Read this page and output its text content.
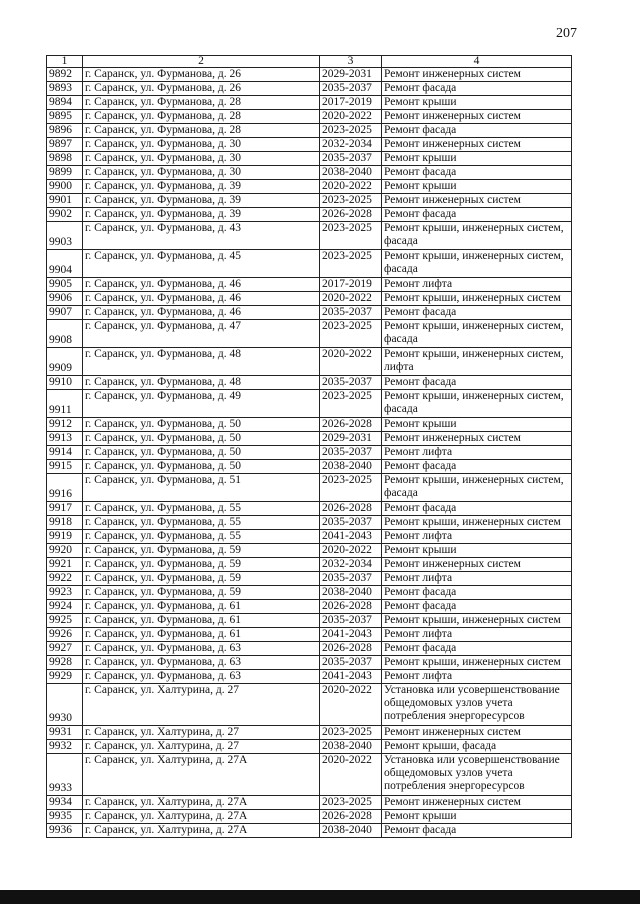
207
1	2	3	4
9892	г. Саранск, ул. Фурманова, д. 26	2029-2031	Ремонт инженерных систем
9893	г. Саранск, ул. Фурманова, д. 26	2035-2037	Ремонт фасада
9894	г. Саранск, ул. Фурманова, д. 28	2017-2019	Ремонт крыши
9895	г. Саранск, ул. Фурманова, д. 28	2020-2022	Ремонт инженерных систем
9896	г. Саранск, ул. Фурманова, д. 28	2023-2025	Ремонт фасада
9897	г. Саранск, ул. Фурманова, д. 30	2032-2034	Ремонт инженерных систем
9898	г. Саранск, ул. Фурманова, д. 30	2035-2037	Ремонт крыши
9899	г. Саранск, ул. Фурманова, д. 30	2038-2040	Ремонт фасада
9900	г. Саранск, ул. Фурманова, д. 39	2020-2022	Ремонт крыши
9901	г. Саранск, ул. Фурманова, д. 39	2023-2025	Ремонт инженерных систем
9902	г. Саранск, ул. Фурманова, д. 39	2026-2028	Ремонт фасада
9903	г. Саранск, ул. Фурманова, д. 43	2023-2025	Ремонт крыши, инженерных систем, фасада
9904	г. Саранск, ул. Фурманова, д. 45	2023-2025	Ремонт крыши, инженерных систем, фасада
9905	г. Саранск, ул. Фурманова, д. 46	2017-2019	Ремонт лифта
9906	г. Саранск, ул. Фурманова, д. 46	2020-2022	Ремонт крыши, инженерных систем
9907	г. Саранск, ул. Фурманова, д. 46	2035-2037	Ремонт фасада
9908	г. Саранск, ул. Фурманова, д. 47	2023-2025	Ремонт крыши, инженерных систем, фасада
9909	г. Саранск, ул. Фурманова, д. 48	2020-2022	Ремонт крыши, инженерных систем, лифта
9910	г. Саранск, ул. Фурманова, д. 48	2035-2037	Ремонт фасада
9911	г. Саранск, ул. Фурманова, д. 49	2023-2025	Ремонт крыши, инженерных систем, фасада
9912	г. Саранск, ул. Фурманова, д. 50	2026-2028	Ремонт крыши
9913	г. Саранск, ул. Фурманова, д. 50	2029-2031	Ремонт инженерных систем
9914	г. Саранск, ул. Фурманова, д. 50	2035-2037	Ремонт лифта
9915	г. Саранск, ул. Фурманова, д. 50	2038-2040	Ремонт фасада
9916	г. Саранск, ул. Фурманова, д. 51	2023-2025	Ремонт крыши, инженерных систем, фасада
9917	г. Саранск, ул. Фурманова, д. 55	2026-2028	Ремонт фасада
9918	г. Саранск, ул. Фурманова, д. 55	2035-2037	Ремонт крыши, инженерных систем
9919	г. Саранск, ул. Фурманова, д. 55	2041-2043	Ремонт лифта
9920	г. Саранск, ул. Фурманова, д. 59	2020-2022	Ремонт крыши
9921	г. Саранск, ул. Фурманова, д. 59	2032-2034	Ремонт инженерных систем
9922	г. Саранск, ул. Фурманова, д. 59	2035-2037	Ремонт лифта
9923	г. Саранск, ул. Фурманова, д. 59	2038-2040	Ремонт фасада
9924	г. Саранск, ул. Фурманова, д. 61	2026-2028	Ремонт фасада
9925	г. Саранск, ул. Фурманова, д. 61	2035-2037	Ремонт крыши, инженерных систем
9926	г. Саранск, ул. Фурманова, д. 61	2041-2043	Ремонт лифта
9927	г. Саранск, ул. Фурманова, д. 63	2026-2028	Ремонт фасада
9928	г. Саранск, ул. Фурманова, д. 63	2035-2037	Ремонт крыши, инженерных систем
9929	г. Саранск, ул. Фурманова, д. 63	2041-2043	Ремонт лифта
9930	г. Саранск, ул. Халтурина, д. 27	2020-2022	Установка или усовершенствование общедомовых узлов учета потребления энергоресурсов
9931	г. Саранск, ул. Халтурина, д. 27	2023-2025	Ремонт инженерных систем
9932	г. Саранск, ул. Халтурина, д. 27	2038-2040	Ремонт крыши, фасада
9933	г. Саранск, ул. Халтурина, д. 27А	2020-2022	Установка или усовершенствование общедомовых узлов учета потребления энергоресурсов
9934	г. Саранск, ул. Халтурина, д. 27А	2023-2025	Ремонт инженерных систем
9935	г. Саранск, ул. Халтурина, д. 27А	2026-2028	Ремонт крыши
9936	г. Саранск, ул. Халтурина, д. 27А	2038-2040	Ремонт фасада
